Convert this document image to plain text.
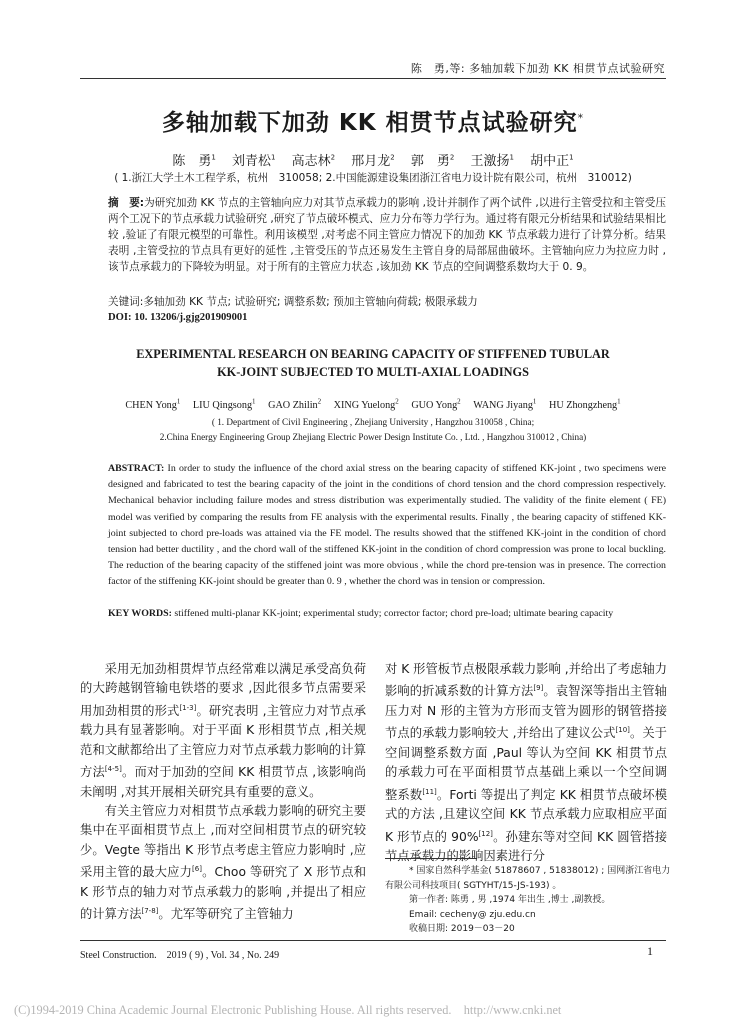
陈　勇,等: 多轴加载下加劲 KK 相贯节点试验研究
多轴加载下加劲 KK 相贯节点试验研究*
陈　勇$^1$ 刘青松$^1$ 高志林$^2$ 邢月龙$^2$ 郭　勇$^2$ 王激扬$^1$ 胡中正$^1$
( 1.浙江大学土木工程学系，杭州　310058; 2.中国能源建设集团浙江省电力设计院有限公司，杭州　310012)
摘　要:为研究加劲 KK 节点的主管轴向应力对其节点承载力的影响 ,设计并制作了两个试件 ,以进行主管受拉和主管受压两个工况下的节点承载力试验研究 ,研究了节点破坏模式、应力分布等力学行为。通过将有限元分析结果和试验结果相比较 ,验证了有限元模型的可靠性。利用该模型 ,对考虑不同主管应力情况下的加劲 KK 节点承载力进行了计算分析。结果表明 ,主管受拉的节点具有更好的延性 ,主管受压的节点还易发生主管自身的局部屈曲破坏。主管轴向应力为拉应力时 ,该节点承载力的下降较为明显。对于所有的主管应力状态 ,该加劲 KK 节点的空间调整系数均大于 0. 9。
关键词:多轴加劲 KK 节点; 试验研究; 调整系数; 预加主管轴向荷载; 极限承载力
DOI: 10. 13206/j.gjg201909001
EXPERIMENTAL RESEARCH ON BEARING CAPACITY OF STIFFENED TUBULAR
KK-JOINT SUBJECTED TO MULTI-AXIAL LOADINGS
CHEN Yong$^1$ LIU Qingsong$^1$ GAO Zhilin$^2$ XING Yuelong$^2$ GUO Yong$^2$ WANG Jiyang$^1$ HU Zhongzheng$^1$
( 1. Department of Civil Engineering , Zhejiang University , Hangzhou 310058 , China;
2.China Energy Engineering Group Zhejiang Electric Power Design Institute Co. , Ltd. , Hangzhou 310012 , China)
ABSTRACT: In order to study the influence of the chord axial stress on the bearing capacity of stiffened KK-joint , two specimens were designed and fabricated to test the bearing capacity of the joint in the conditions of chord tension and the chord compression respectively. Mechanical behavior including failure modes and stress distribution was experimentally studied. The validity of the finite element ( FE) model was verified by comparing the results from FE analysis with the experimental results. Finally , the bearing capacity of stiffened KK-joint subjected to chord pre-loads was attained via the FE model. The results showed that the stiffened KK-joint in the condition of chord tension had better ductility , and the chord wall of the stiffened KK-joint in the condition of chord compression was prone to local buckling. The reduction of the bearing capacity of the stiffened joint was more obvious , while the chord pre-tension was in presence. The correction factor of the stiffening KK-joint should be greater than 0. 9 , whether the chord was in tension or compression.
KEY WORDS: stiffened multi-planar KK-joint; experimental study; corrector factor; chord pre-load; ultimate bearing capacity

采用无加劲相贯焊节点经常难以满足承受高负荷的大跨越钢管输电铁塔的要求 ,因此很多节点需要采用加劲相贯的形式[1-3]。研究表明 ,主管应力对节点承载力具有显著影响。对于平面 K 形相贯节点 ,相关规范和文献都给出了主管应力对节点承载力影响的计算方法[4-5]。而对于加劲的空间 KK 相贯节点 ,该影响尚未阐明 ,对其开展相关研究具有重要的意义。

有关主管应力对相贯节点承载力影响的研究主要集中在平面相贯节点上 ,而对空间相贯节点的研究较少。Vegte 等指出 K 形节点考虑主管应力影响时 ,应采用主管的最大应力[6]。Choo 等研究了 X 形节点和 K 形节点的轴力对节点承载力的影响 ,并提出了相应的计算方法[7-8]。尤军等研究了主管轴力

对 K 形管板节点极限承载力影响 ,并给出了考虑轴力影响的折减系数的计算方法[9]。袁智深等指出主管轴压力对 N 形的主管为方形而支管为圆形的钢管搭接节点的承载力影响较大 ,并给出了建议公式[10]。关于空间调整系数方面 ,Paul 等认为空间 KK 相贯节点的承载力可在平面相贯节点基础上乘以一个空间调整系数[11]。Forti 等提出了判定 KK 相贯节点破坏模式的方法 ,且建议空间 KK 节点承载力应取相应平面 K 形节点的 90%[12]。孙建东等对空间 KK 圆管搭接节点承载力的影响因素进行分

* 国家自然科学基金( 51878607 , 51838012) ; 国网浙江省电力
有限公司科技项目( SGTYHT/15-JS-193) 。
第一作者: 陈勇 , 男 ,1974 年出生 ,博士 ,副教授。
Email: cecheny@ zju.edu.cn
收稿日期: 2019－03－20
Steel Construction.　2019 ( 9) , Vol. 34 , No. 249	1
(C)1994-2019 China Academic Journal Electronic Publishing House. All rights reserved.　http://www.cnki.net
